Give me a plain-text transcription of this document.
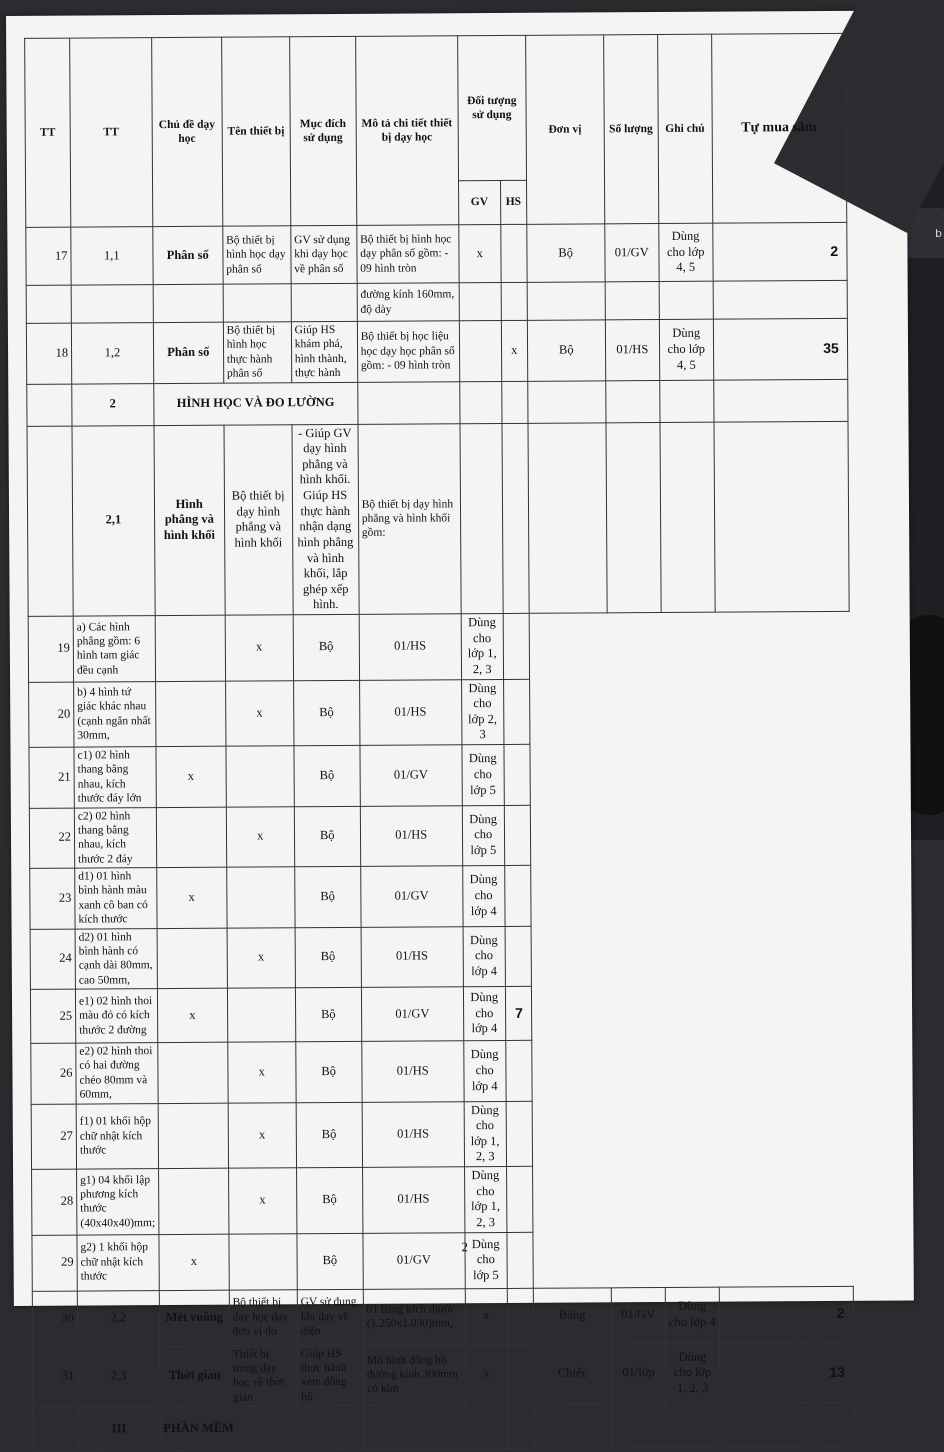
b
TT	TT	Chủ đề dạy học	Tên thiết bị	Mục đích sử dụng	Mô tả chi tiết thiết bị dạy học	Đối tượng sử dụng		Đơn vị	Số lượng	Ghi chú	Tự mua sắm
						GV	HS				
17	1,1	Phân số	Bộ thiết bị hình học dạy phân số	GV sử dụng khi dạy học về phân số	Bộ thiết bị hình học dạy phân số gồm: - 09 hình tròn	x		Bộ	01/GV	Dùng cho lớp 4, 5	2
					đường kính 160mm, độ dày						
18	1,2	Phân số	Bộ thiết bị hình học thực hành phân số	Giúp HS khám phá, hình thành, thực hành	Bộ thiết bị học liệu học dạy học phân số gồm: - 09 hình tròn		x	Bộ	01/HS	Dùng cho lớp 4, 5	35
	2	HÌNH HỌC VÀ ĐO LƯỜNG									
	2,1	Hình phẳng và hình khối	Bộ thiết bị dạy hình phẳng và hình khối	- Giúp GV dạy hình phẳng và hình khối. Giúp HS thực hành nhận dạng hình phẳng và hình khối, lắp ghép xếp hình.	Bộ thiết bị dạy hình phẳng và hình khối gồm:						
19	a) Các hình phẳng gồm: 6 hình tam giác đều cạnh		x	Bộ	01/HS	Dùng cho lớp 1, 2, 3					
20	b) 4 hình tứ giác khác nhau (cạnh ngắn nhất 30mm,		x	Bộ	01/HS	Dùng cho lớp 2, 3					
21	c1) 02 hình thang bằng nhau, kích thước đáy lớn	x		Bộ	01/GV	Dùng cho lớp 5					
22	c2) 02 hình thang bằng nhau, kích thước 2 đáy		x	Bộ	01/HS	Dùng cho lớp 5					
23	d1) 01 hình bình hành màu xanh cô ban có kích thước	x		Bộ	01/GV	Dùng cho lớp 4					
24	d2) 01 hình bình hành có cạnh dài 80mm, cao 50mm,		x	Bộ	01/HS	Dùng cho lớp 4					
25	e1) 02 hình thoi màu đỏ có kích thước 2 đường	x		Bộ	01/GV	Dùng cho lớp 4	7				
26	e2) 02 hình thoi có hai đường chéo 80mm và 60mm,		x	Bộ	01/HS	Dùng cho lớp 4					
27	f1) 01 khối hộp chữ nhật kích thước		x	Bộ	01/HS	Dùng cho lớp 1, 2, 3					
28	g1) 04 khối lập phương kích thước (40x40x40)mm;		x	Bộ	01/HS	Dùng cho lớp 1, 2, 3					
29	g2) 1 khối hộp chữ nhật kích thước	x		Bộ	01/GV	Dùng cho lớp 5					
30	2,2	Mét vuông	Bộ thiết bị dạy học dạy đơn vị đo	GV sử dụng khi dạy về diện	01 bảng kích thước (1.250x1.030)mm,	x		Bảng	01/GV	Dùng cho lớp 4	2
31	2,3	Thời gian	Thiết bị trong dạy học về thời gian	Giúp HS thực hành xem đồng hồ	Mô hình đồng hồ đường kính 300mm có kim	x		Chiếc	01/lớp	Dùng cho lớp 1, 2, 3	13
	III	PHẦN MỀM									
2
